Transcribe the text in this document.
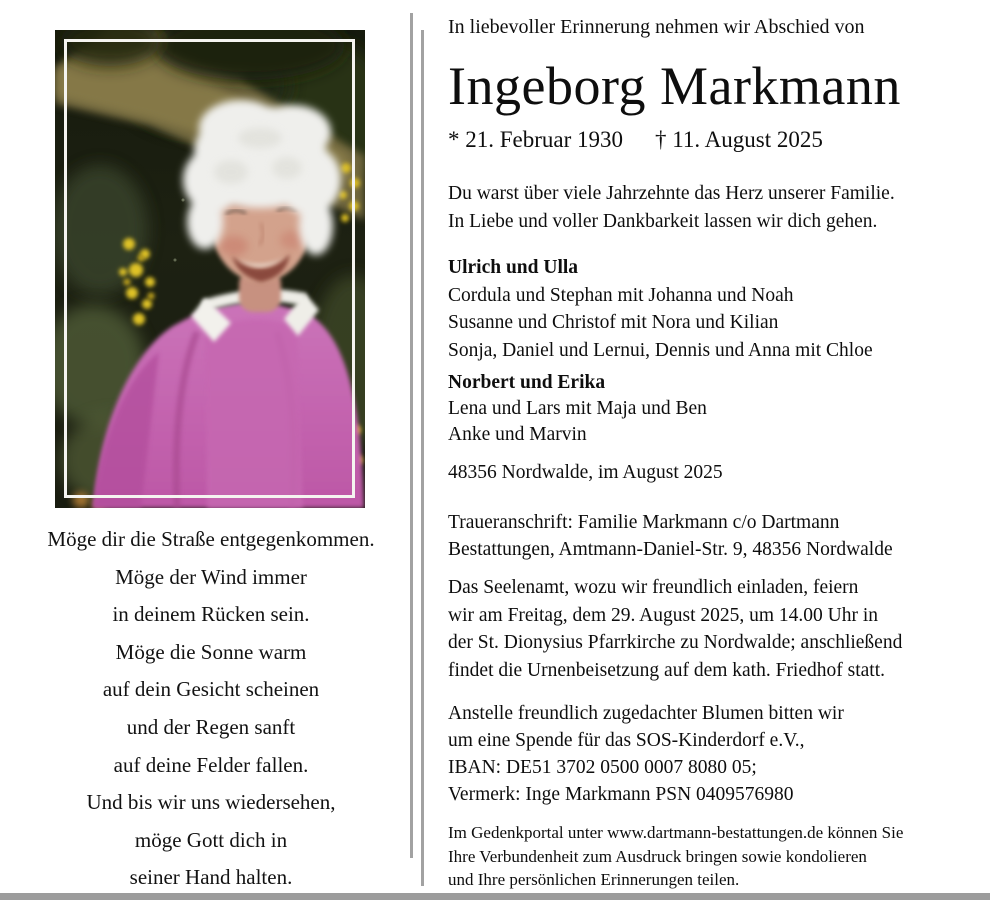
Möge dir die Straße entgegenkommen.
Möge der Wind immer
in deinem Rücken sein.
Möge die Sonne warm
auf dein Gesicht scheinen
und der Regen sanft
auf deine Felder fallen.
Und bis wir uns wiedersehen,
möge Gott dich in
seiner Hand halten.
In liebevoller Erinnerung nehmen wir Abschied von
Ingeborg Markmann
* 21. Februar 1930 † 11. August 2025
Du warst über viele Jahrzehnte das Herz unserer Familie.
In Liebe und voller Dankbarkeit lassen wir dich gehen.
Ulrich und Ulla
Cordula und Stephan mit Johanna und Noah
Susanne und Christof mit Nora und Kilian
Sonja, Daniel und Lernui, Dennis und Anna mit Chloe
Norbert und Erika
Lena und Lars mit Maja und Ben
Anke und Marvin
48356 Nordwalde, im August 2025
Traueranschrift: Familie Markmann c/o Dartmann
Bestattungen, Amtmann-Daniel-Str. 9, 48356 Nordwalde
Das Seelenamt, wozu wir freundlich einladen, feiern
wir am Freitag, dem 29. August 2025, um 14.00 Uhr in
der St. Dionysius Pfarrkirche zu Nordwalde; anschließend
findet die Urnenbeisetzung auf dem kath. Friedhof statt.
Anstelle freundlich zugedachter Blumen bitten wir
um eine Spende für das SOS-Kinderdorf e.V.,
IBAN: DE51 3702 0500 0007 8080 05;
Vermerk: Inge Markmann PSN 0409576980
Im Gedenkportal unter www.dartmann-bestattungen.de können Sie
Ihre Verbundenheit zum Ausdruck bringen sowie kondolieren
und Ihre persönlichen Erinnerungen teilen.
